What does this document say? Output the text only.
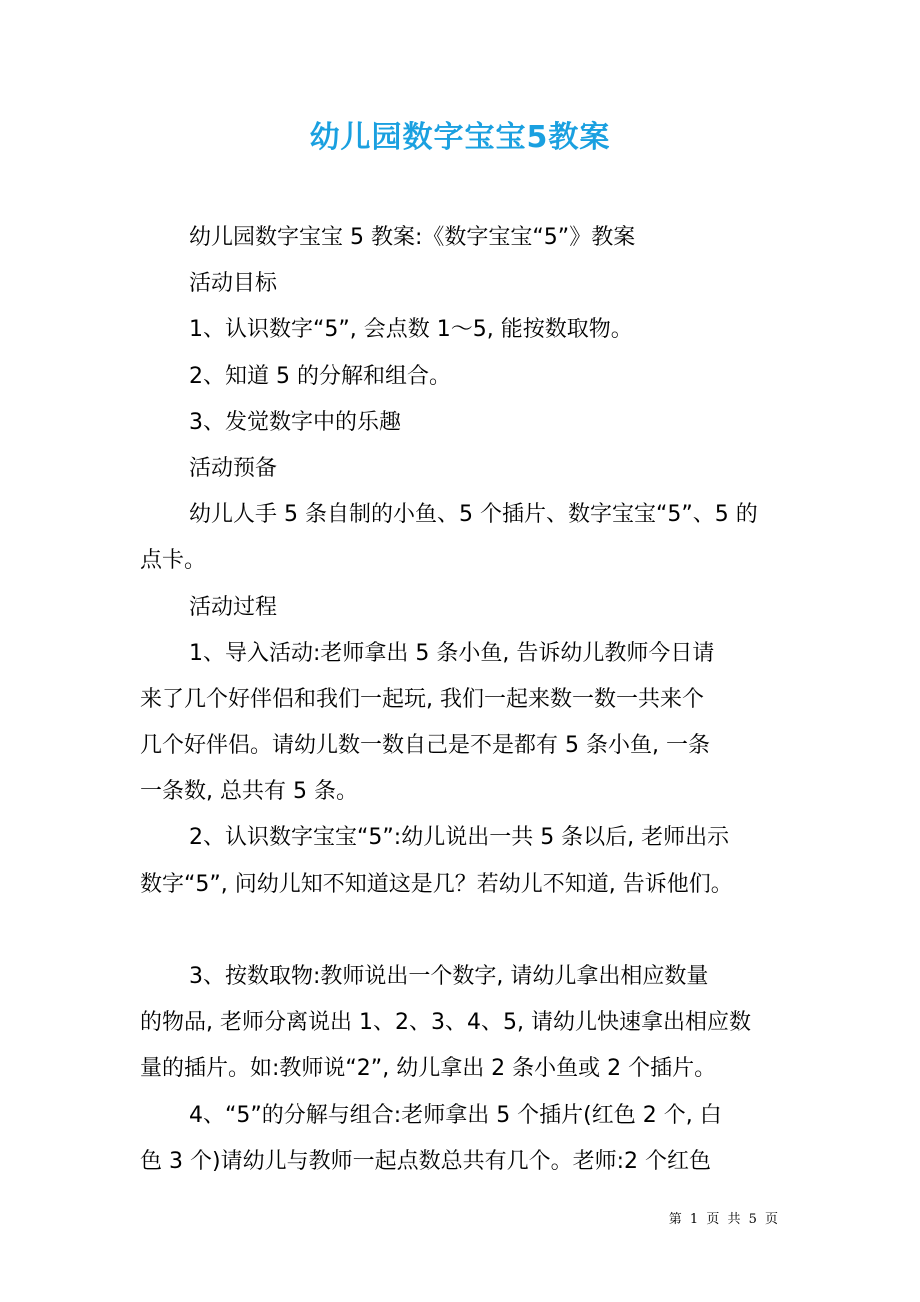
幼儿园数字宝宝5教案
幼儿园数字宝宝 5 教案:《数字宝宝“5”》教案
活动目标
1、认识数字“5”, 会点数 1～5, 能按数取物。
2、知道 5 的分解和组合。
3、发觉数字中的乐趣
活动预备
幼儿人手 5 条自制的小鱼、5 个插片、数字宝宝“5”、5 的
点卡。
活动过程
1、导入活动:老师拿出 5 条小鱼, 告诉幼儿教师今日请
来了几个好伴侣和我们一起玩, 我们一起来数一数一共来个
几个好伴侣。请幼儿数一数自己是不是都有 5 条小鱼, 一条
一条数, 总共有 5 条。
2、认识数字宝宝“5”:幼儿说出一共 5 条以后, 老师出示
数字“5”, 问幼儿知不知道这是几？若幼儿不知道, 告诉他们。
3、按数取物:教师说出一个数字, 请幼儿拿出相应数量
的物品, 老师分离说出 1、2、3、4、5, 请幼儿快速拿出相应数
量的插片。如:教师说“2”, 幼儿拿出 2 条小鱼或 2 个插片。
4、“5”的分解与组合:老师拿出 5 个插片(红色 2 个, 白
色 3 个)请幼儿与教师一起点数总共有几个。老师:2 个红色
第 1 页 共 5 页
